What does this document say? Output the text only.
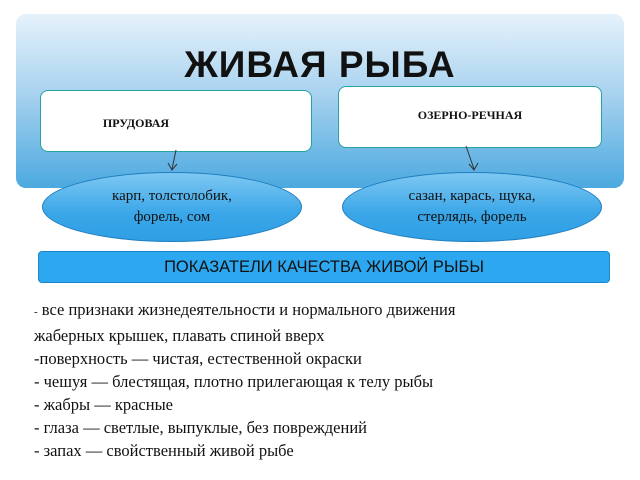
ЖИВАЯ РЫБА
ПРУДОВАЯ
ОЗЕРНО-РЕЧНАЯ
карп, толстолобик,
форель, сом
сазан, карась, щука,
стерлядь, форель
ПОКАЗАТЕЛИ КАЧЕСТВА ЖИВОЙ РЫБЫ
- все признаки жизнедеятельности и нормального движения
жаберных крышек, плавать спиной вверх
-поверхность — чистая, естественной окраски
- чешуя — блестящая, плотно прилегающая к телу рыбы
- жабры — красные
- глаза — светлые, выпуклые, без повреждений
- запах — свойственный живой рыбе
